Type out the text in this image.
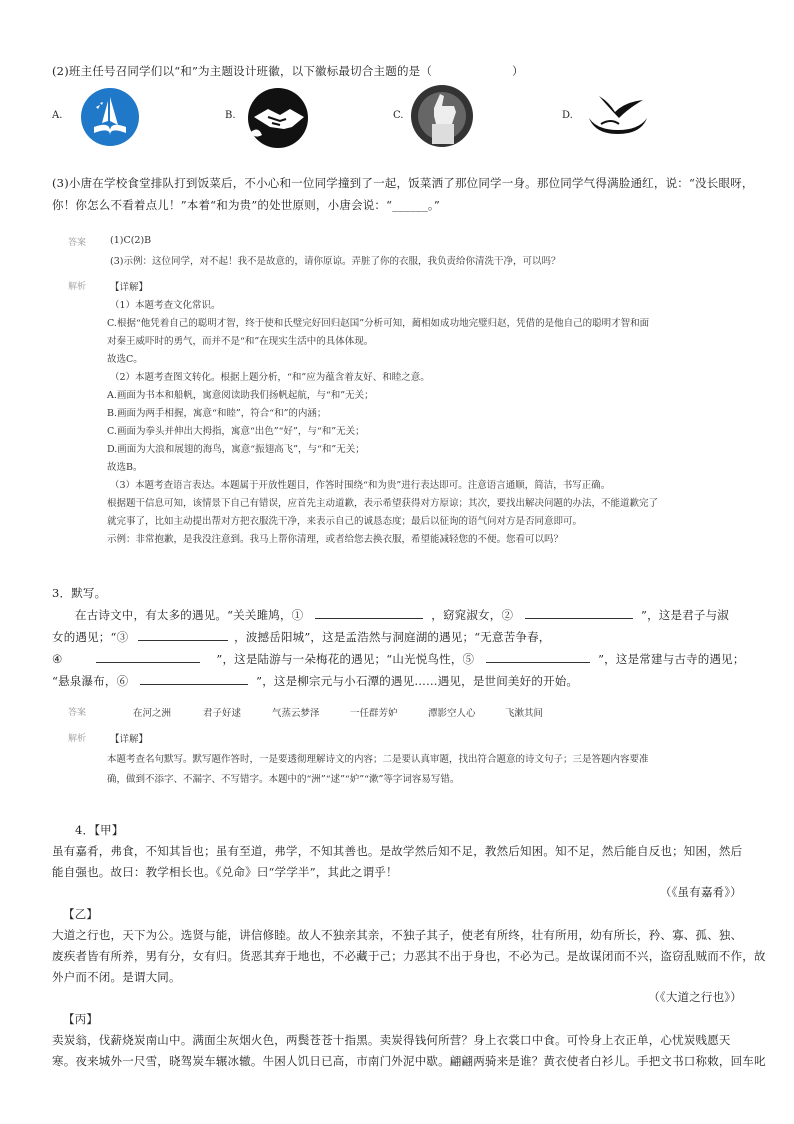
(2)班主任号召同学们以“和”为主题设计班徽，以下徽标最切合主题的是（	）
A.	B.	C.	D.
(3)小唐在学校食堂排队打到饭菜后，不小心和一位同学撞到了一起，饭菜洒了那位同学一身。那位同学气得满脸通红，说：“没长眼呀，
你！你怎么不看着点儿！”本着“和为贵”的处世原则，小唐会说：“______。”
答案	(1)C(2)B
(3)示例：这位同学，对不起！我不是故意的，请你原谅。弄脏了你的衣服，我负责给你清洗干净，可以吗？
解析	【详解】
（1）本题考查文化常识。
C.根据“他凭着自己的聪明才智，终于使和氏璧完好回归赵国”分析可知，蔺相如成功地完璧归赵，凭借的是他自己的聪明才智和面
对秦王威吓时的勇气，而并不是“和”在现实生活中的具体体现。
故选C。
（2）本题考查图文转化。根据上题分析，“和”应为蕴含着友好、和睦之意。
A.画面为书本和船帆，寓意阅读助我们扬帆起航，与“和”无关；
B.画面为两手相握，寓意“和睦”，符合“和”的内涵；
C.画面为拳头并伸出大拇指，寓意“出色”“好”，与“和”无关；
D.画面为大浪和展翅的海鸟，寓意“振翅高飞”，与“和”无关；
故选B。
（3）本题考查语言表达。本题属于开放性题目，作答时围绕“和为贵”进行表达即可。注意语言通顺，简洁，书写正确。
根据题干信息可知，该情景下自己有错误，应首先主动道歉，表示希望获得对方原谅；其次，要找出解决问题的办法，不能道歉完了
就完事了，比如主动提出帮对方把衣服洗干净，来表示自己的诚恳态度；最后以征询的语气问对方是否同意即可。
示例：非常抱歉，是我没注意到。我马上帮你清理，或者给您去换衣服，希望能减轻您的不便。您看可以吗？
3．默写。
在古诗文中，有太多的遇见。“关关雎鸠，①	，窈窕淑女，②	”，这是君子与淑
女的遇见；“③	，波撼岳阳城”，这是孟浩然与洞庭湖的遇见；“无意苦争春，
④	”，这是陆游与一朵梅花的遇见；“山光悦鸟性，⑤	”，这是常建与古寺的遇见；
“悬泉瀑布，⑥	”，这是柳宗元与小石潭的遇见……遇见，是世间美好的开始。
答案	在河之洲	君子好逑	气蒸云梦泽	一任群芳妒	潭影空人心	飞漱其间
解析	【详解】
本题考查名句默写。默写题作答时，一是要透彻理解诗文的内容；二是要认真审题，找出符合题意的诗文句子；三是答题内容要准
确，做到不添字、不漏字、不写错字。本题中的“洲”“逑”“妒”“漱”等字词容易写错。
4．【甲】
虽有嘉肴，弗食，不知其旨也；虽有至道，弗学，不知其善也。是故学然后知不足，教然后知困。知不足，然后能自反也；知困，然后
能自强也。故曰：教学相长也。《兑命》曰“学学半”，其此之谓乎！
（《虽有嘉肴》）
【乙】
大道之行也，天下为公。选贤与能，讲信修睦。故人不独亲其亲，不独子其子，使老有所终，壮有所用，幼有所长，矜、寡、孤、独、
废疾者皆有所养，男有分，女有归。货恶其弃于地也，不必藏于己；力恶其不出于身也，不必为己。是故谋闭而不兴，盗窃乱贼而不作，故
外户而不闭。是谓大同。
（《大道之行也》）
【丙】
卖炭翁，伐薪烧炭南山中。满面尘灰烟火色，两鬓苍苍十指黑。卖炭得钱何所营？身上衣裳口中食。可怜身上衣正单，心忧炭贱愿天
寒。夜来城外一尺雪，晓驾炭车辗冰辙。牛困人饥日已高，市南门外泥中歇。翩翩两骑来是谁？黄衣使者白衫儿。手把文书口称敕，回车叱
